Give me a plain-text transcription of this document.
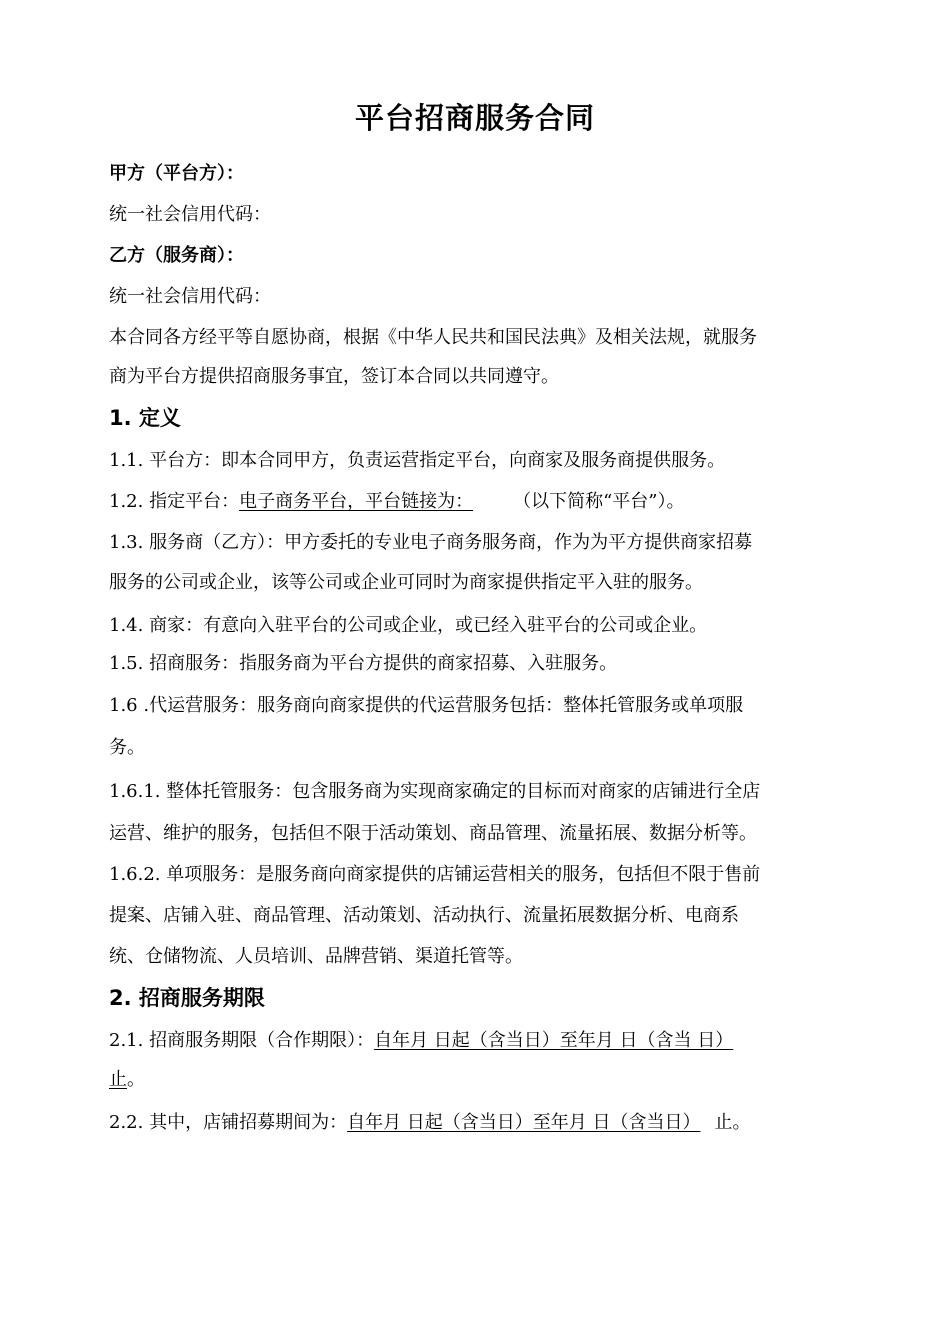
平台招商服务合同
甲方（平台方）：
统一社会信用代码：
乙方（服务商）：
统一社会信用代码：
本合同各方经平等自愿协商，根据《中华人民共和国民法典》及相关法规，就服务
商为平台方提供招商服务事宜，签订本合同以共同遵守。
1. 定义
1.1. 平台方：即本合同甲方，负责运营指定平台，向商家及服务商提供服务。
1.2. 指定平台：电子商务平台，平台链接为： （以下简称“平台”）。
1.3. 服务商（乙方）：甲方委托的专业电子商务服务商，作为为平方提供商家招募
服务的公司或企业，该等公司或企业可同时为商家提供指定平入驻的服务。
1.4. 商家：有意向入驻平台的公司或企业，或已经入驻平台的公司或企业。
1.5. 招商服务：指服务商为平台方提供的商家招募、入驻服务。
1.6 .代运营服务：服务商向商家提供的代运营服务包括：整体托管服务或单项服
务。
1.6.1. 整体托管服务：包含服务商为实现商家确定的目标而对商家的店铺进行全店
运营、维护的服务，包括但不限于活动策划、商品管理、流量拓展、数据分析等。
1.6.2. 单项服务：是服务商向商家提供的店铺运营相关的服务，包括但不限于售前
提案、店铺入驻、商品管理、活动策划、活动执行、流量拓展数据分析、电商系
统、仓储物流、人员培训、品牌营销、渠道托管等。
2. 招商服务期限
2.1. 招商服务期限（合作期限）：自年月 日起（含当日）至年月 日（含当 日）
止。
2.2. 其中，店铺招募期间为：自年月 日起（含当日）至年月 日（含当日） 止。
